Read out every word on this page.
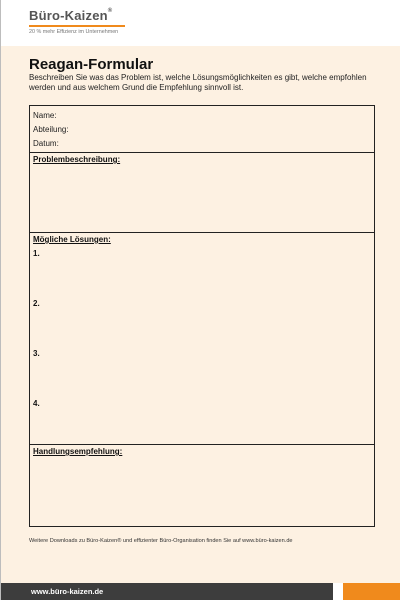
Büro-Kaizen®
20 % mehr Effizienz im Unternehmen
Reagan-Formular
Beschreiben Sie was das Problem ist, welche Lösungsmöglichkeiten es gibt, welche empfohlen werden und aus welchem Grund die Empfehlung sinnvoll ist.
Name:
Abteilung:
Datum:
Problembeschreibung:
Mögliche Lösungen:
1.
2.
3.
4.
Handlungsempfehlung:
Weitere Downloads zu Büro-Kaizen® und effizienter Büro-Organisation finden Sie auf www.büro-kaizen.de
www.büro-kaizen.de
